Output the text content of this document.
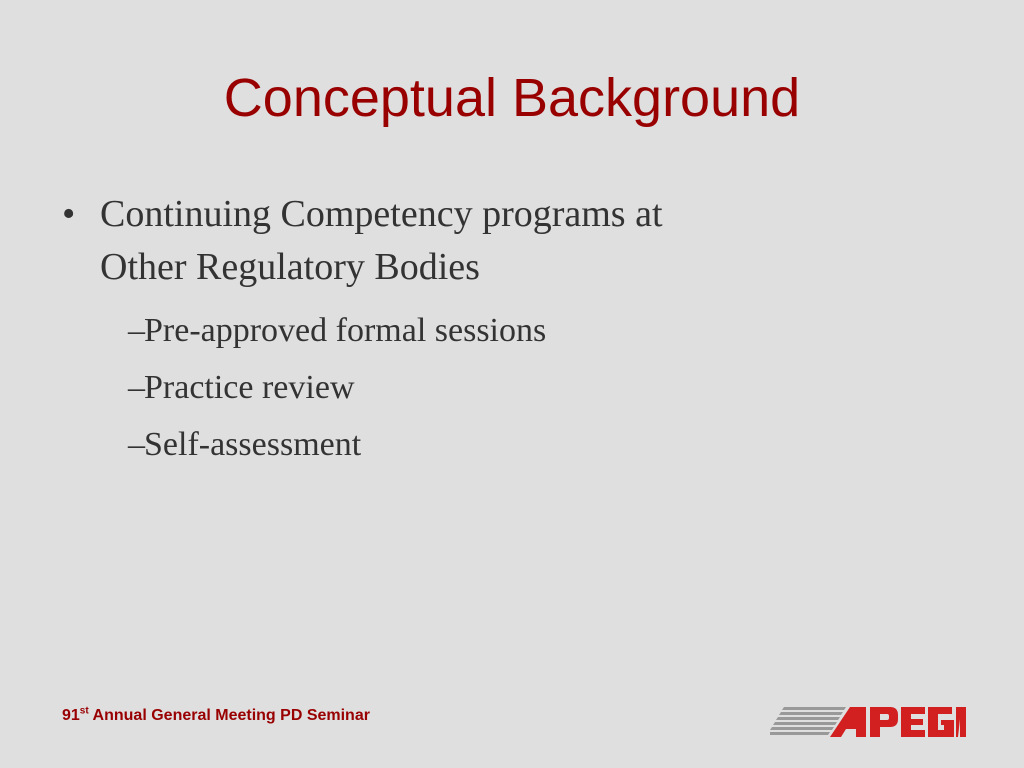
Conceptual Background
• Continuing Competency programs at
Other Regulatory Bodies
– Pre-approved formal sessions
– Practice review
– Self-assessment
91st Annual General Meeting PD Seminar
